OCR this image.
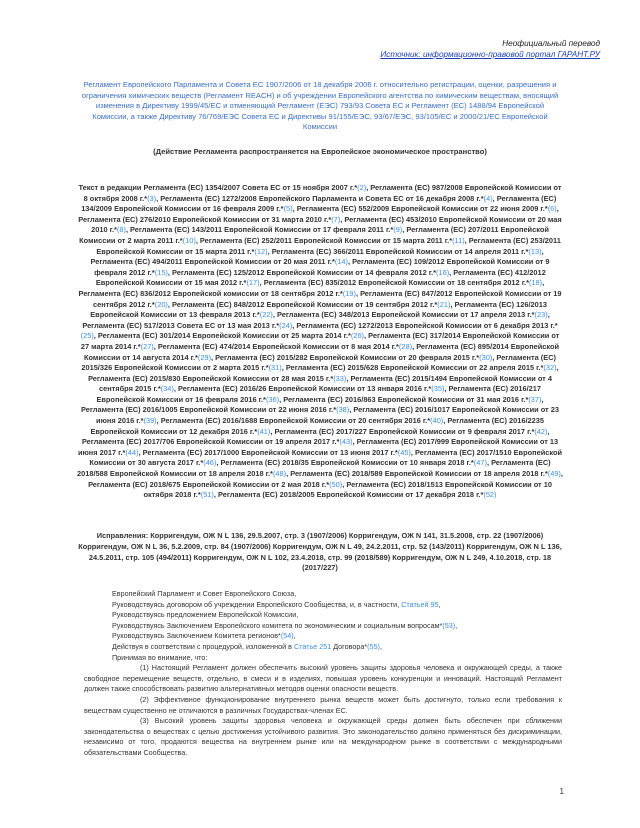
Неофициальный перевод
Источник: информационно-правовой портал ГАРАНТ.РУ
Регламент Европейского Парламента и Совета ЕС 1907/2006 от 18 декабря 2006 г. относительно регистрации, оценки, разрешения и ограничения химических веществ (Регламент REACH) и об учреждении Европейского агентства по химическим веществам, вносящий изменения в Директиву 1999/45/ЕС и отменяющий Регламент (ЕЭС) 793/93 Совета ЕС и Регламент (ЕС) 1488/94 Европейской Комиссии, а также Директиву 76/769/ЕЭС Совета ЕС и Директивы 91/155/ЕЭС, 93/67/ЕЭС, 93/105/ЕС и 2000/21/ЕС Европейской Комиссии
(Действие Регламента распространяется на Европейское экономическое пространство)
Текст в редакции Регламента (ЕС) 1354/2007 Совета ЕС от 15 ноября 2007 г.*(2), Регламента (ЕС) 987/2008 Европейской Комиссии от 8 октября 2008 г.*(3), Регламента (ЕС) 1272/2008 Европейского Парламента и Совета ЕС от 16 декабря 2008 г.*(4), Регламента (ЕС) 134/2009 Европейской Комиссии от 16 февраля 2009 г.*(5), Регламента (ЕС) 552/2009 Европейской Комиссии от 22 июня 2009 г.*(6), Регламента (ЕС) 276/2010 Европейской Комиссии от 31 марта 2010 г.*(7), Регламента (ЕС) 453/2010 Европейской Комиссии от 20 мая 2010 г.*(8), Регламента (ЕС) 143/2011 Европейской Комиссии от 17 февраля 2011 г.*(9), Регламента (ЕС) 207/2011 Европейской Комиссии от 2 марта 2011 г.*(10), Регламента (ЕС) 252/2011 Европейской Комиссии от 15 марта 2011 г.*(11), Регламента (ЕС) 253/2011 Европейской Комиссии от 15 марта 2011 г.*(12), Регламента (ЕС) 366/2011 Европейской Комиссии от 14 апреля 2011 г.*(13), Регламента (ЕС) 494/2011 Европейской Комиссии от 20 мая 2011 г.*(14), Регламента (ЕС) 109/2012 Европейской Комиссии от 9 февраля 2012 г.*(15), Регламента (ЕС) 125/2012 Европейской Комиссии от 14 февраля 2012 г.*(16), Регламента (ЕС) 412/2012 Европейской Комиссии от 15 мая 2012 г.*(17), Регламента (ЕС) 835/2012 Европейской Комиссии от 18 сентября 2012 г.*(18), Регламента (ЕС) 836/2012 Европейской комиссии от 18 сентября 2012 г.*(19), Регламента (ЕС) 847/2012 Европейской Комиссии от 19 сентября 2012 г.*(20), Регламента (ЕС) 848/2012 Европейской Комиссии от 19 сентября 2012 г.*(21), Регламента (ЕС) 126/2013 Европейской Комиссии от 13 февраля 2013 г.*(22), Регламента (ЕС) 348/2013 Европейской Комиссии от 17 апреля 2013 г.*(23), Регламента (ЕС) 517/2013 Совета ЕС от 13 мая 2013 г.*(24), Регламента (ЕС) 1272/2013 Европейской Комиссии от 6 декабря 2013 г.*(25), Регламента (ЕС) 301/2014 Европейской Комиссии от 25 марта 2014 г.*(26), Регламента (ЕС) 317/2014 Европейской Комиссии от 27 марта 2014 г.*(27), Регламента (ЕС) 474/2014 Европейской Комиссии от 8 мая 2014 г.*(28), Регламента (ЕС) 895/2014 Европейской Комиссии от 14 августа 2014 г.*(29), Регламента (ЕС) 2015/282 Европейской Комиссии от 20 февраля 2015 г.*(30), Регламента (ЕС) 2015/326 Европейской Комиссии от 2 марта 2015 г.*(31), Регламента (ЕС) 2015/628 Европейской Комиссии от 22 апреля 2015 г.*(32), Регламента (ЕС) 2015/830 Европейской Комиссии от 28 мая 2015 г.*(33), Регламента (ЕС) 2015/1494 Европейской Комиссии от 4 сентября 2015 г.*(34), Регламента (ЕС) 2016/26 Европейской Комиссии от 13 января 2016 г.*(35), Регламента (ЕС) 2016/217 Европейской Комиссии от 16 февраля 2016 г.*(36), Регламента (ЕС) 2016/863 Европейской Комиссии от 31 мая 2016 г.*(37), Регламента (ЕС) 2016/1005 Европейской Комиссии от 22 июня 2016 г.*(38), Регламента (ЕС) 2016/1017 Европейской Комиссии от 23 июня 2016 г.*(39), Регламента (ЕС) 2016/1688 Европейской Комиссии от 20 сентября 2016 г.*(40), Регламента (ЕС) 2016/2235 Европейской Комиссии от 12 декабря 2016 г.*(41), Регламента (ЕС) 2017/227 Европейской Комиссии от 9 февраля 2017 г.*(42), Регламента (ЕС) 2017/706 Европейской Комиссии от 19 апреля 2017 г.*(43), Регламента (ЕС) 2017/999 Европейской Комиссии от 13 июня 2017 г.*(44), Регламента (ЕС) 2017/1000 Европейской Комиссии от 13 июня 2017 г.*(45), Регламента (ЕС) 2017/1510 Европейской Комиссии от 30 августа 2017 г.*(46), Регламента (ЕС) 2018/35 Европейской Комиссии от 10 января 2018 г.*(47), Регламента (ЕС) 2018/588 Европейской Комиссии от 18 апреля 2018 г.*(48), Регламента (ЕС) 2018/589 Европейской Комиссии от 18 апреля 2018 г.*(49), Регламента (ЕС) 2018/675 Европейской Комиссии от 2 мая 2018 г.*(50), Регламента (ЕС) 2018/1513 Европейской Комиссии от 10 октября 2018 г.*(51), Регламента (ЕС) 2018/2005 Европейской Комиссии от 17 декабря 2018 г.*(52)
Исправления: Корригендум, ОЖ N L 136, 29.5.2007, стр. 3 (1907/2006) Корригендум, ОЖ N 141, 31.5.2008, стр. 22 (1907/2006) Корригендум, ОЖ N L 36, 5.2.2009, стр. 84 (1907/2006) Корригендум, ОЖ N L 49, 24.2.2011, стр. 52 (143/2011) Корригендум, ОЖ N L 136, 24.5.2011, стр. 105 (494/2011) Корригендум, ОЖ N L 102, 23.4.2018, стр. 99 (2018/589) Корригендум, ОЖ N L 249, 4.10.2018, стр. 18 (2017/227)

Европейский Парламент и Совет Европейского Союза,

Руководствуясь договором об учреждении Европейского Сообщества, и, в частности, Статьей 95,

Руководствуясь предложением Европейской Комиссии,

Руководствуясь Заключением Европейского комитета по экономическим и социальным вопросам*(53),

Руководствуясь Заключением Комитета регионов*(54),

Действуя в соответствии с процедурой, изложенной в Статье 251 Договора*(55),

Принимая во внимание, что:

(1) Настоящий Регламент должен обеспечить высокий уровень защиты здоровья человека и окружающей среды, а также свободное перемещение веществ, отдельно, в смеси и в изделиях, повышая уровень конкуренции и инноваций. Настоящий Регламент должен также способствовать развитию альтернативных методов оценки опасности веществ.

(2) Эффективное функционирование внутреннего рынка веществ может быть достигнуто, только если требования к веществам существенно не отличаются в различных Государствах-членах ЕС.

(3) Высокий уровень защиты здоровья человека и окружающей среды должен быть обеспечен при сближении законодательства о веществах с целью достижения устойчивого развития. Это законодательство должно применяться без дискриминации, независимо от того, продаются вещества на внутреннем рынке или на международном рынке в соответствии с международными обязательствами Сообщества.

1
